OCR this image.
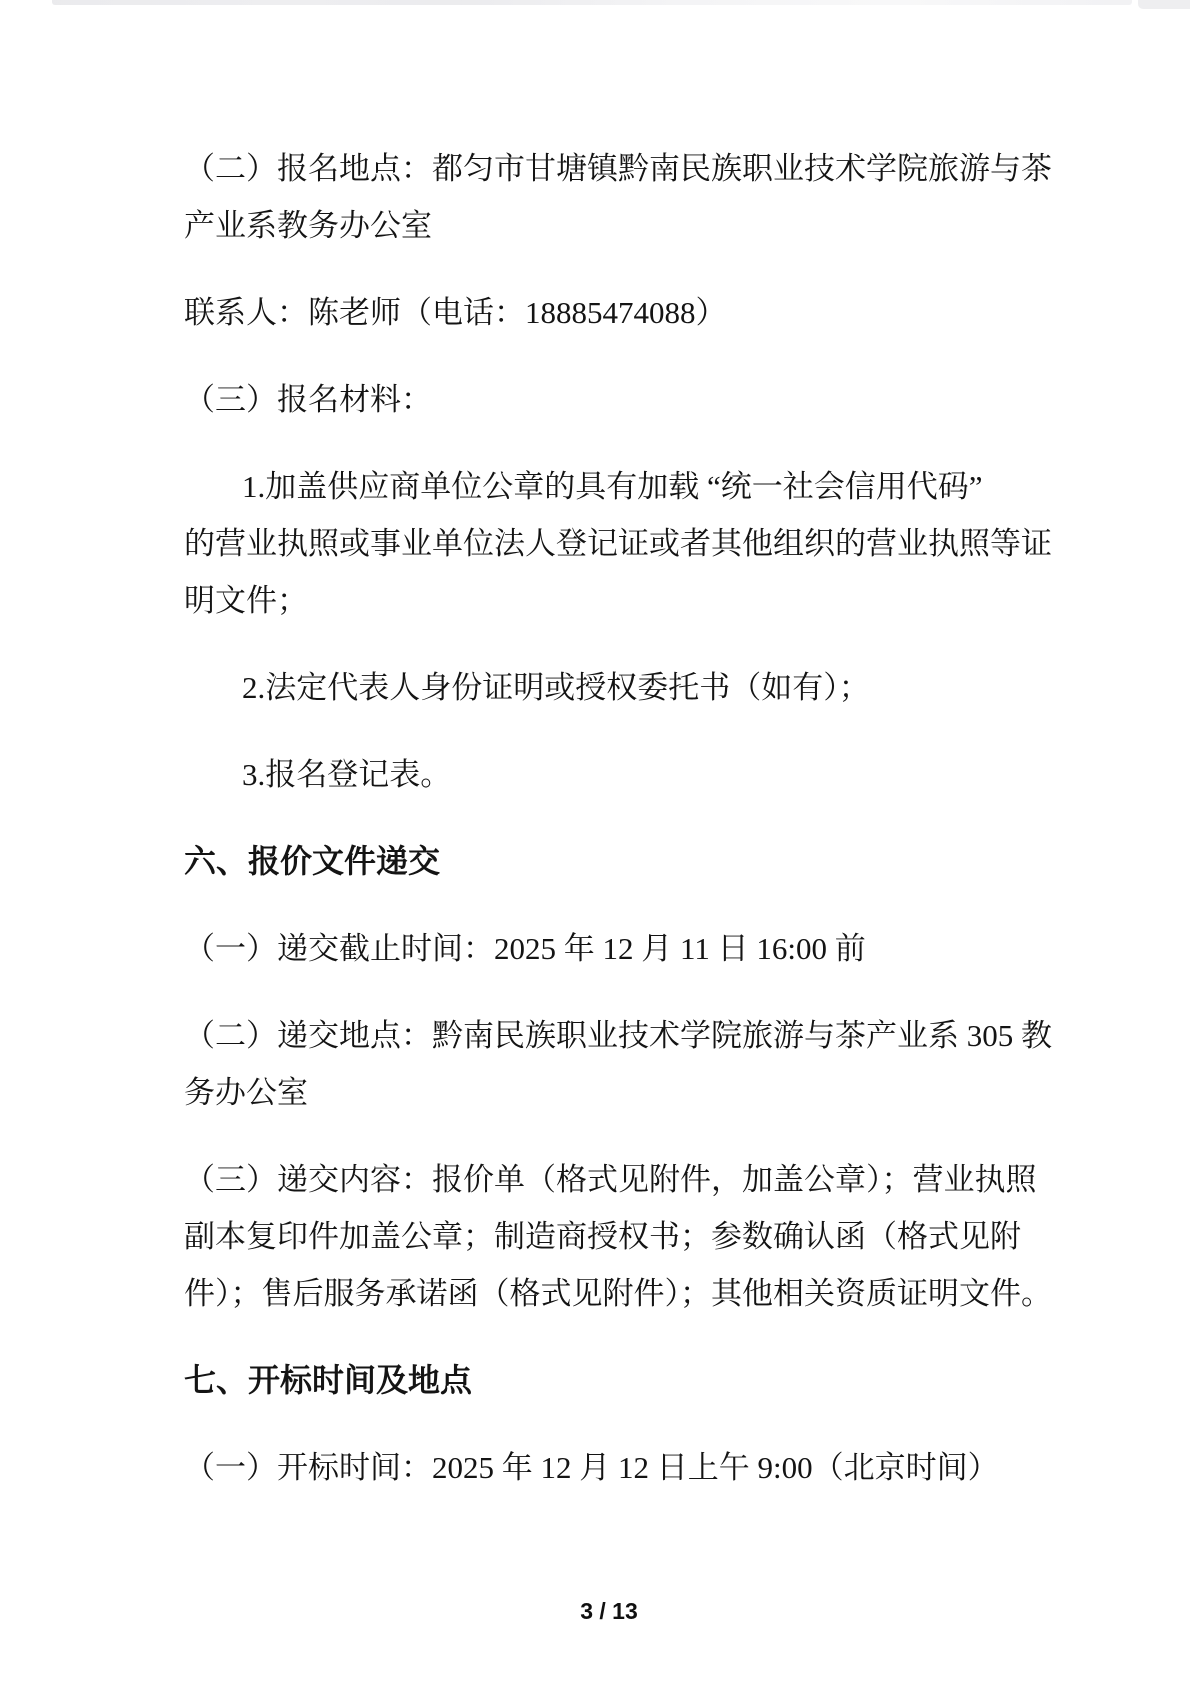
（二）报名地点：都匀市甘塘镇黔南民族职业技术学院旅游与茶
产业系教务办公室
联系人：陈老师（电话：18885474088）
（三）报名材料：
1.加盖供应商单位公章的具有加载 “统一社会信用代码”
的营业执照或事业单位法人登记证或者其他组织的营业执照等证
明文件；
2.法定代表人身份证明或授权委托书（如有）；
3.报名登记表。
六、报价文件递交
（一）递交截止时间：2025 年 12 月 11 日 16:00 前
（二）递交地点：黔南民族职业技术学院旅游与茶产业系 305 教
务办公室
（三）递交内容：报价单（格式见附件，加盖公章）；营业执照
副本复印件加盖公章；制造商授权书；参数确认函（格式见附
件）；售后服务承诺函（格式见附件）；其他相关资质证明文件。
七、开标时间及地点
（一）开标时间：2025 年 12 月 12 日上午 9:00（北京时间）
3 / 13
